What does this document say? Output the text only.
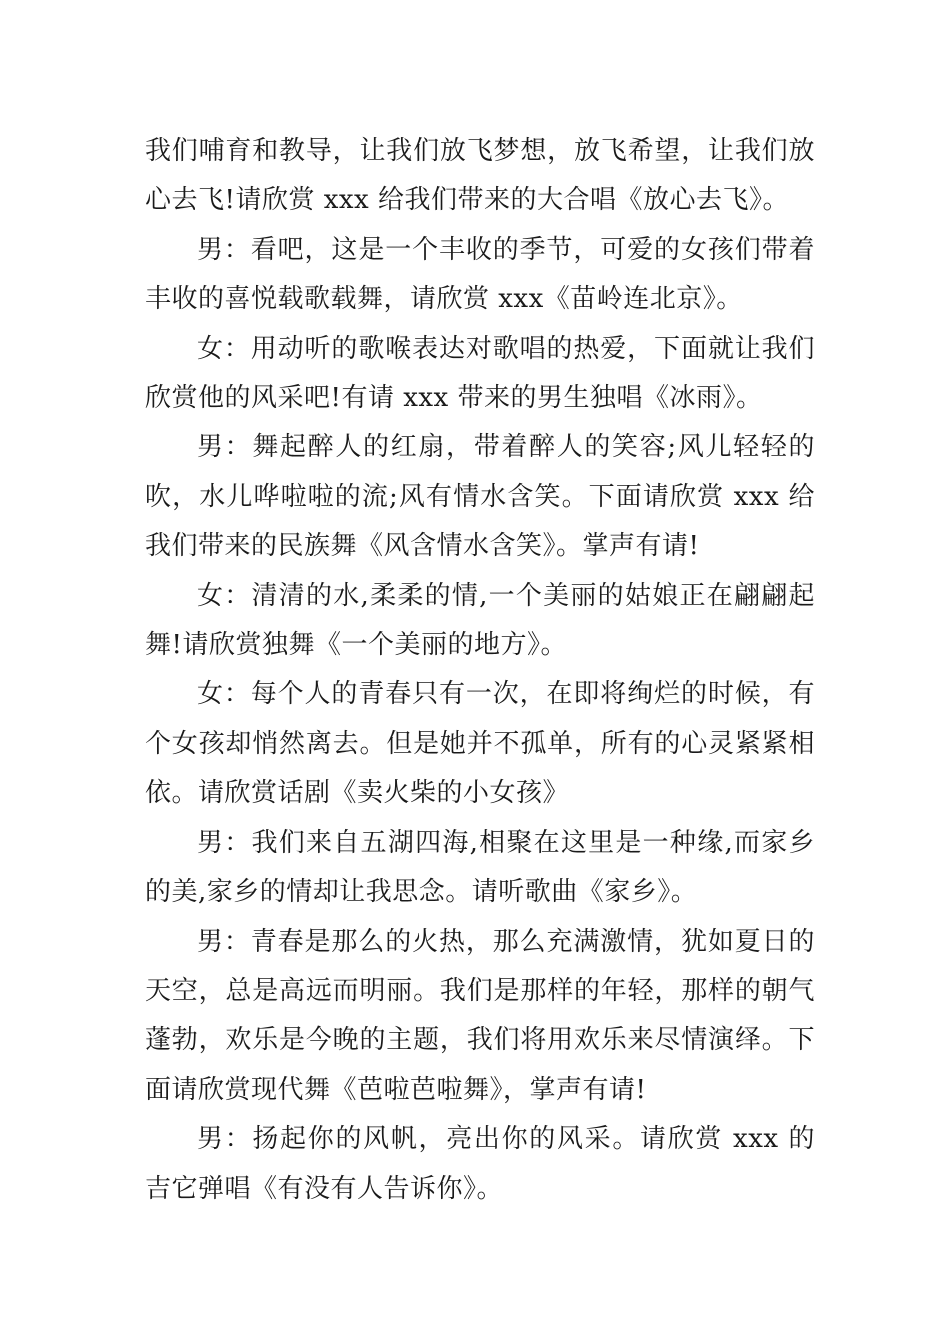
我们哺育和教导，让我们放飞梦想，放飞希望，让我们放心去飞!请欣赏 xxx 给我们带来的大合唱《放心去飞》。

男：看吧，这是一个丰收的季节，可爱的女孩们带着丰收的喜悦载歌载舞，请欣赏 xxx《苗岭连北京》。

女：用动听的歌喉表达对歌唱的热爱，下面就让我们欣赏他的风采吧!有请 xxx 带来的男生独唱《冰雨》。

男：舞起醉人的红扇，带着醉人的笑容;风儿轻轻的吹，水儿哗啦啦的流;风有情水含笑。下面请欣赏 xxx 给我们带来的民族舞《风含情水含笑》。掌声有请!

女：清清的水,柔柔的情,一个美丽的姑娘正在翩翩起舞!请欣赏独舞《一个美丽的地方》。

女：每个人的青春只有一次，在即将绚烂的时候，有个女孩却悄然离去。但是她并不孤单，所有的心灵紧紧相依。请欣赏话剧《卖火柴的小女孩》

男：我们来自五湖四海,相聚在这里是一种缘,而家乡的美,家乡的情却让我思念。请听歌曲《家乡》。

男：青春是那么的火热，那么充满激情，犹如夏日的天空，总是高远而明丽。我们是那样的年轻，那样的朝气蓬勃，欢乐是今晚的主题，我们将用欢乐来尽情演绎。下面请欣赏现代舞《芭啦芭啦舞》，掌声有请!

男：扬起你的风帆，亮出你的风采。请欣赏 xxx 的吉它弹唱《有没有人告诉你》。
